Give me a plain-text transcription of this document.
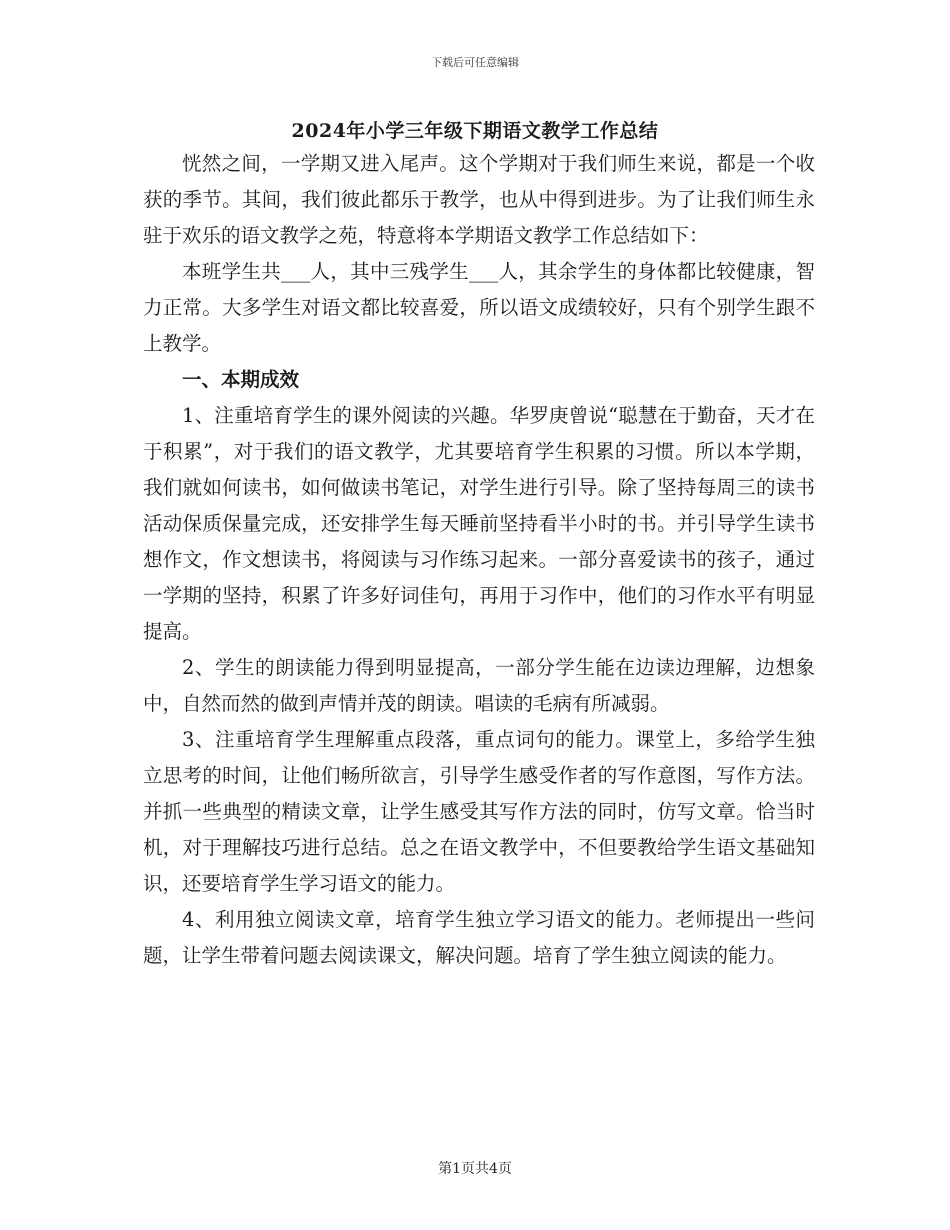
下载后可任意编辑
2024年小学三年级下期语文教学工作总结

恍然之间，一学期又进入尾声。这个学期对于我们师生来说，都是一个收获的季节。其间，我们彼此都乐于教学，也从中得到进步。为了让我们师生永驻于欢乐的语文教学之苑，特意将本学期语文教学工作总结如下：

本班学生共___人，其中三残学生___人，其余学生的身体都比较健康，智力正常。大多学生对语文都比较喜爱，所以语文成绩较好，只有个别学生跟不上教学。

一、本期成效

1、注重培育学生的课外阅读的兴趣。华罗庚曾说“聪慧在于勤奋，天才在于积累”，对于我们的语文教学，尤其要培育学生积累的习惯。所以本学期，我们就如何读书，如何做读书笔记，对学生进行引导。除了坚持每周三的读书活动保质保量完成，还安排学生每天睡前坚持看半小时的书。并引导学生读书想作文，作文想读书，将阅读与习作练习起来。一部分喜爱读书的孩子，通过一学期的坚持，积累了许多好词佳句，再用于习作中，他们的习作水平有明显提高。

2、学生的朗读能力得到明显提高，一部分学生能在边读边理解，边想象中，自然而然的做到声情并茂的朗读。唱读的毛病有所减弱。

3、注重培育学生理解重点段落，重点词句的能力。课堂上，多给学生独立思考的时间，让他们畅所欲言，引导学生感受作者的写作意图，写作方法。并抓一些典型的精读文章，让学生感受其写作方法的同时，仿写文章。恰当时机，对于理解技巧进行总结。总之在语文教学中，不但要教给学生语文基础知识，还要培育学生学习语文的能力。

4、利用独立阅读文章，培育学生独立学习语文的能力。老师提出一些问题，让学生带着问题去阅读课文，解决问题。培育了学生独立阅读的能力。

第1页共4页
